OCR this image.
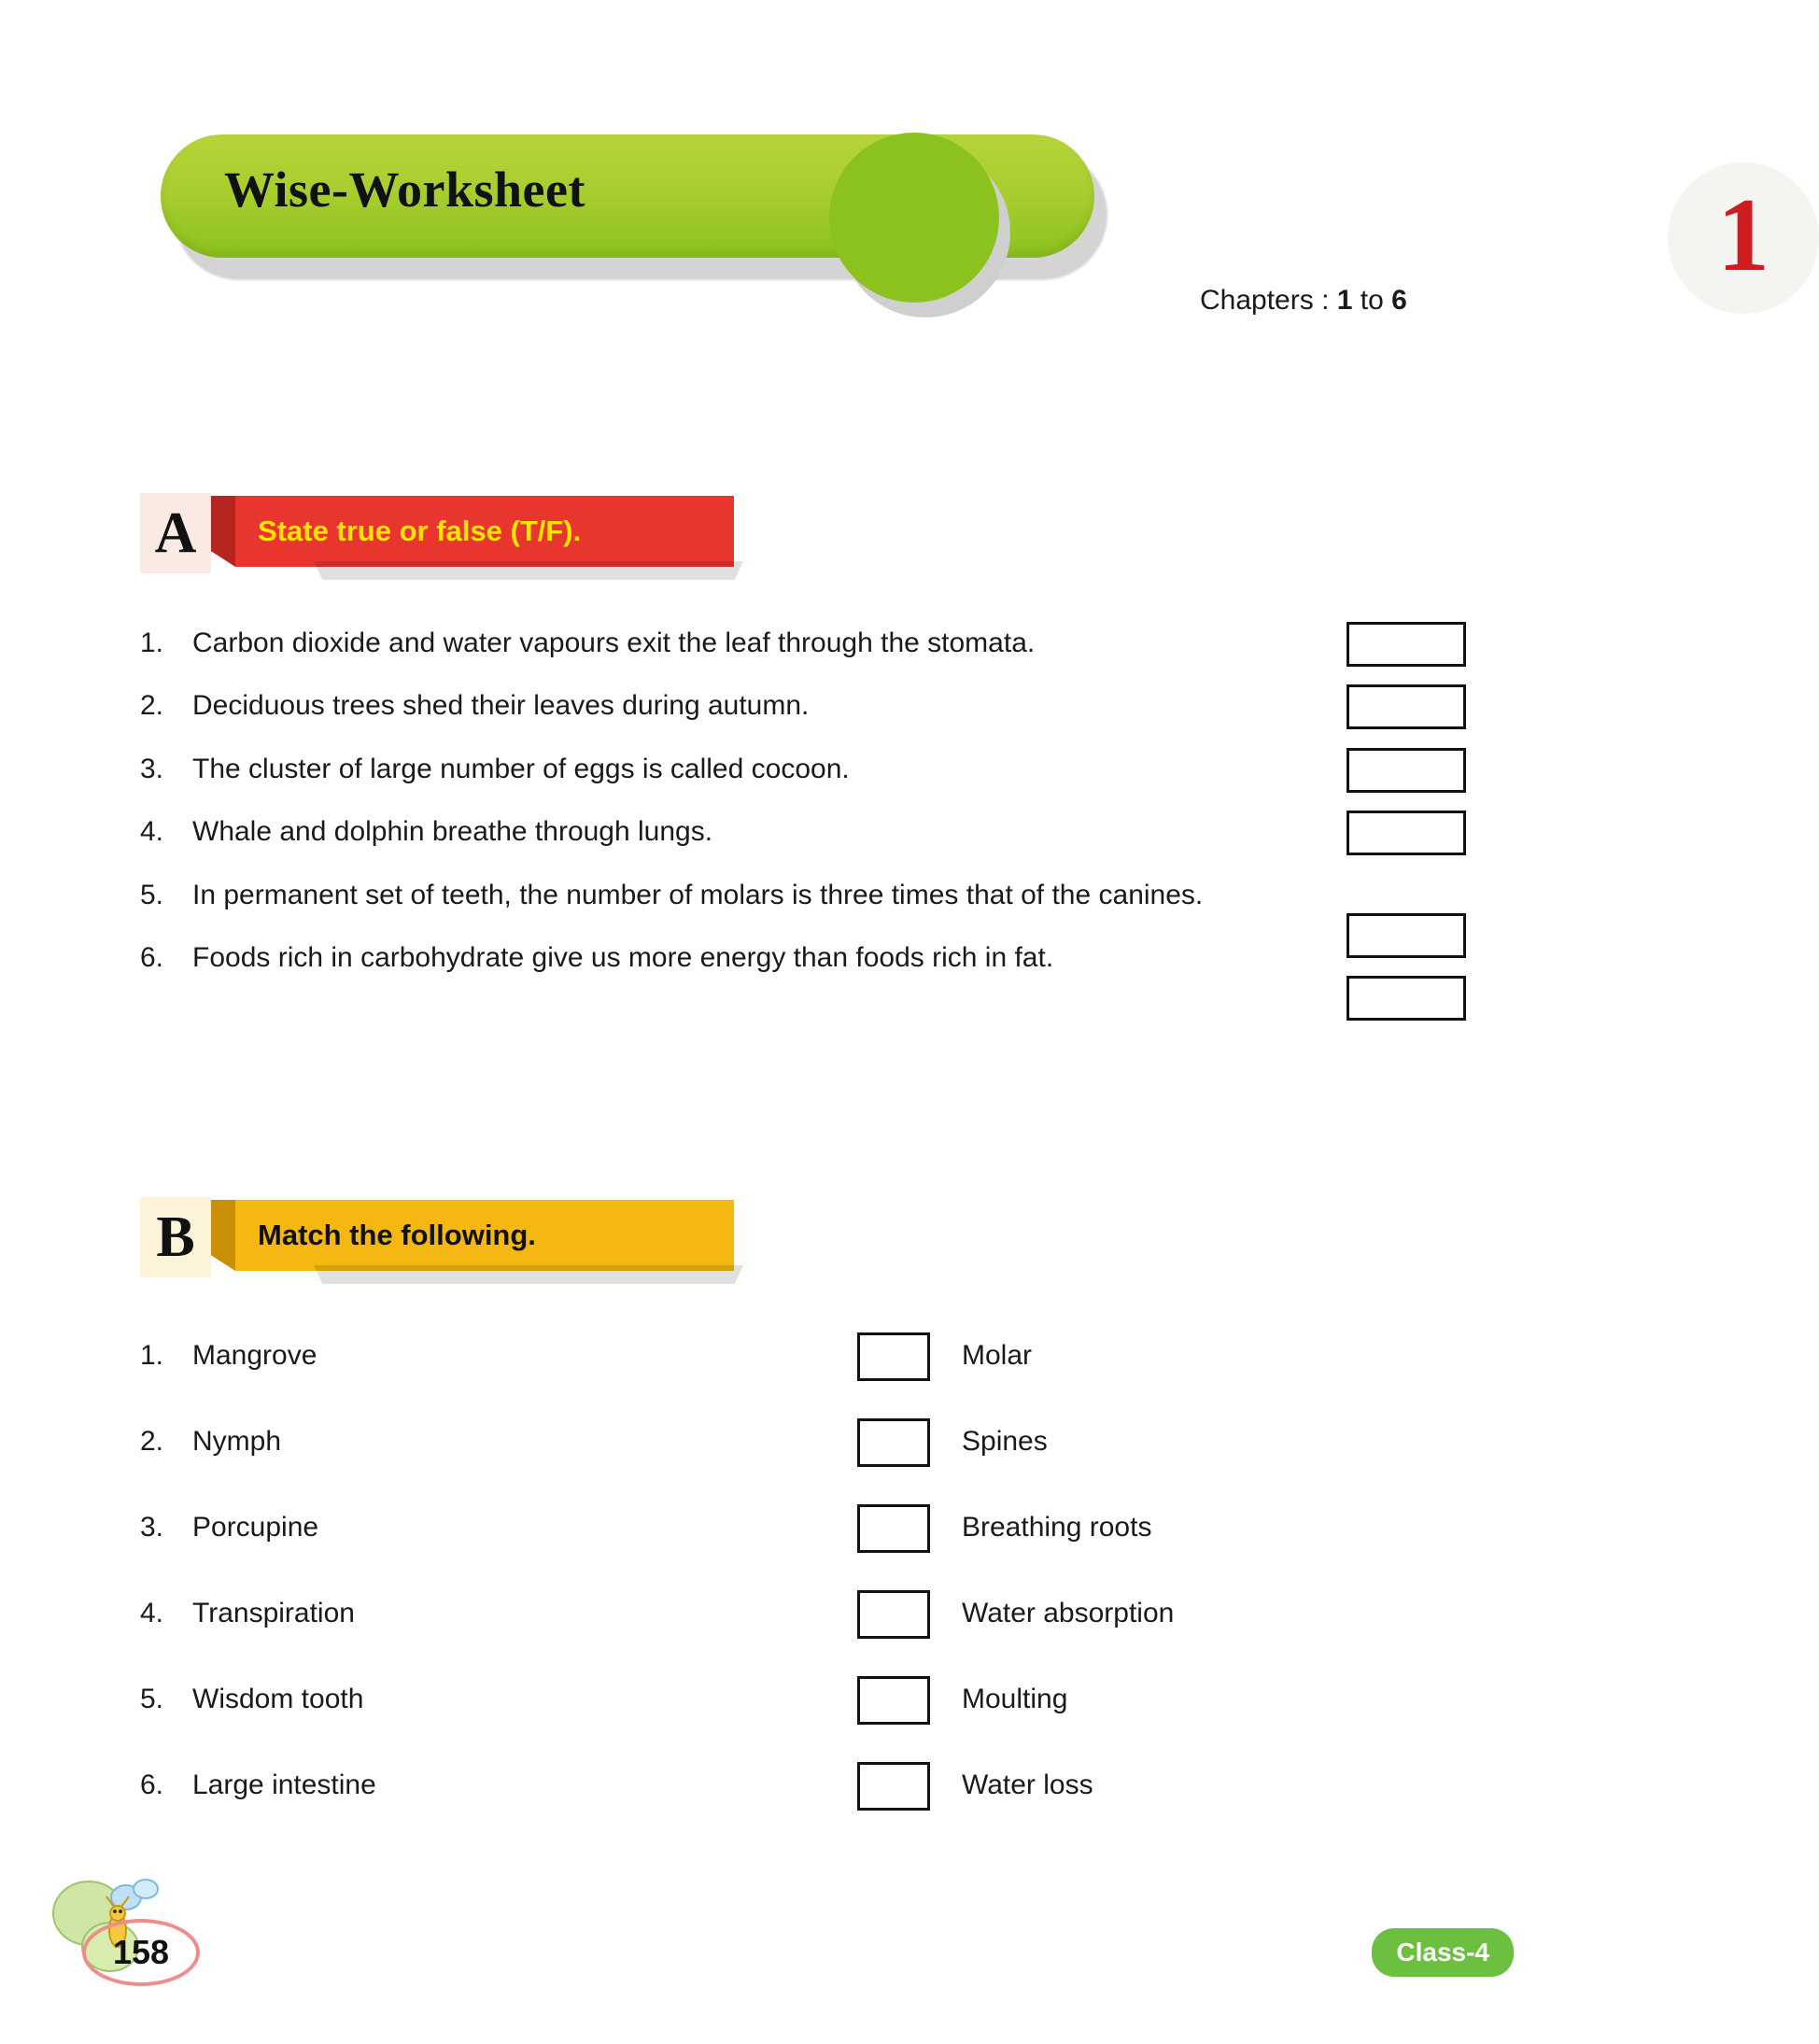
Wise-Worksheet	1
Chapters : 1 to 6
A State true or false (T/F).
1.	Carbon dioxide and water vapours exit the leaf through the stomata.
2.	Deciduous trees shed their leaves during autumn.
3.	The cluster of large number of eggs is called cocoon.
4.	Whale and dolphin breathe through lungs.
5.	In permanent set of teeth, the number of molars is three times that of the canines.
6.	Foods rich in carbohydrate give us more energy than foods rich in fat.
B Match the following.
1. Mangrove	Molar
2. Nymph	Spines
3. Porcupine	Breathing roots
4. Transpiration	Water absorption
5. Wisdom tooth	Moulting
6. Large intestine	Water loss
158	Class-4
